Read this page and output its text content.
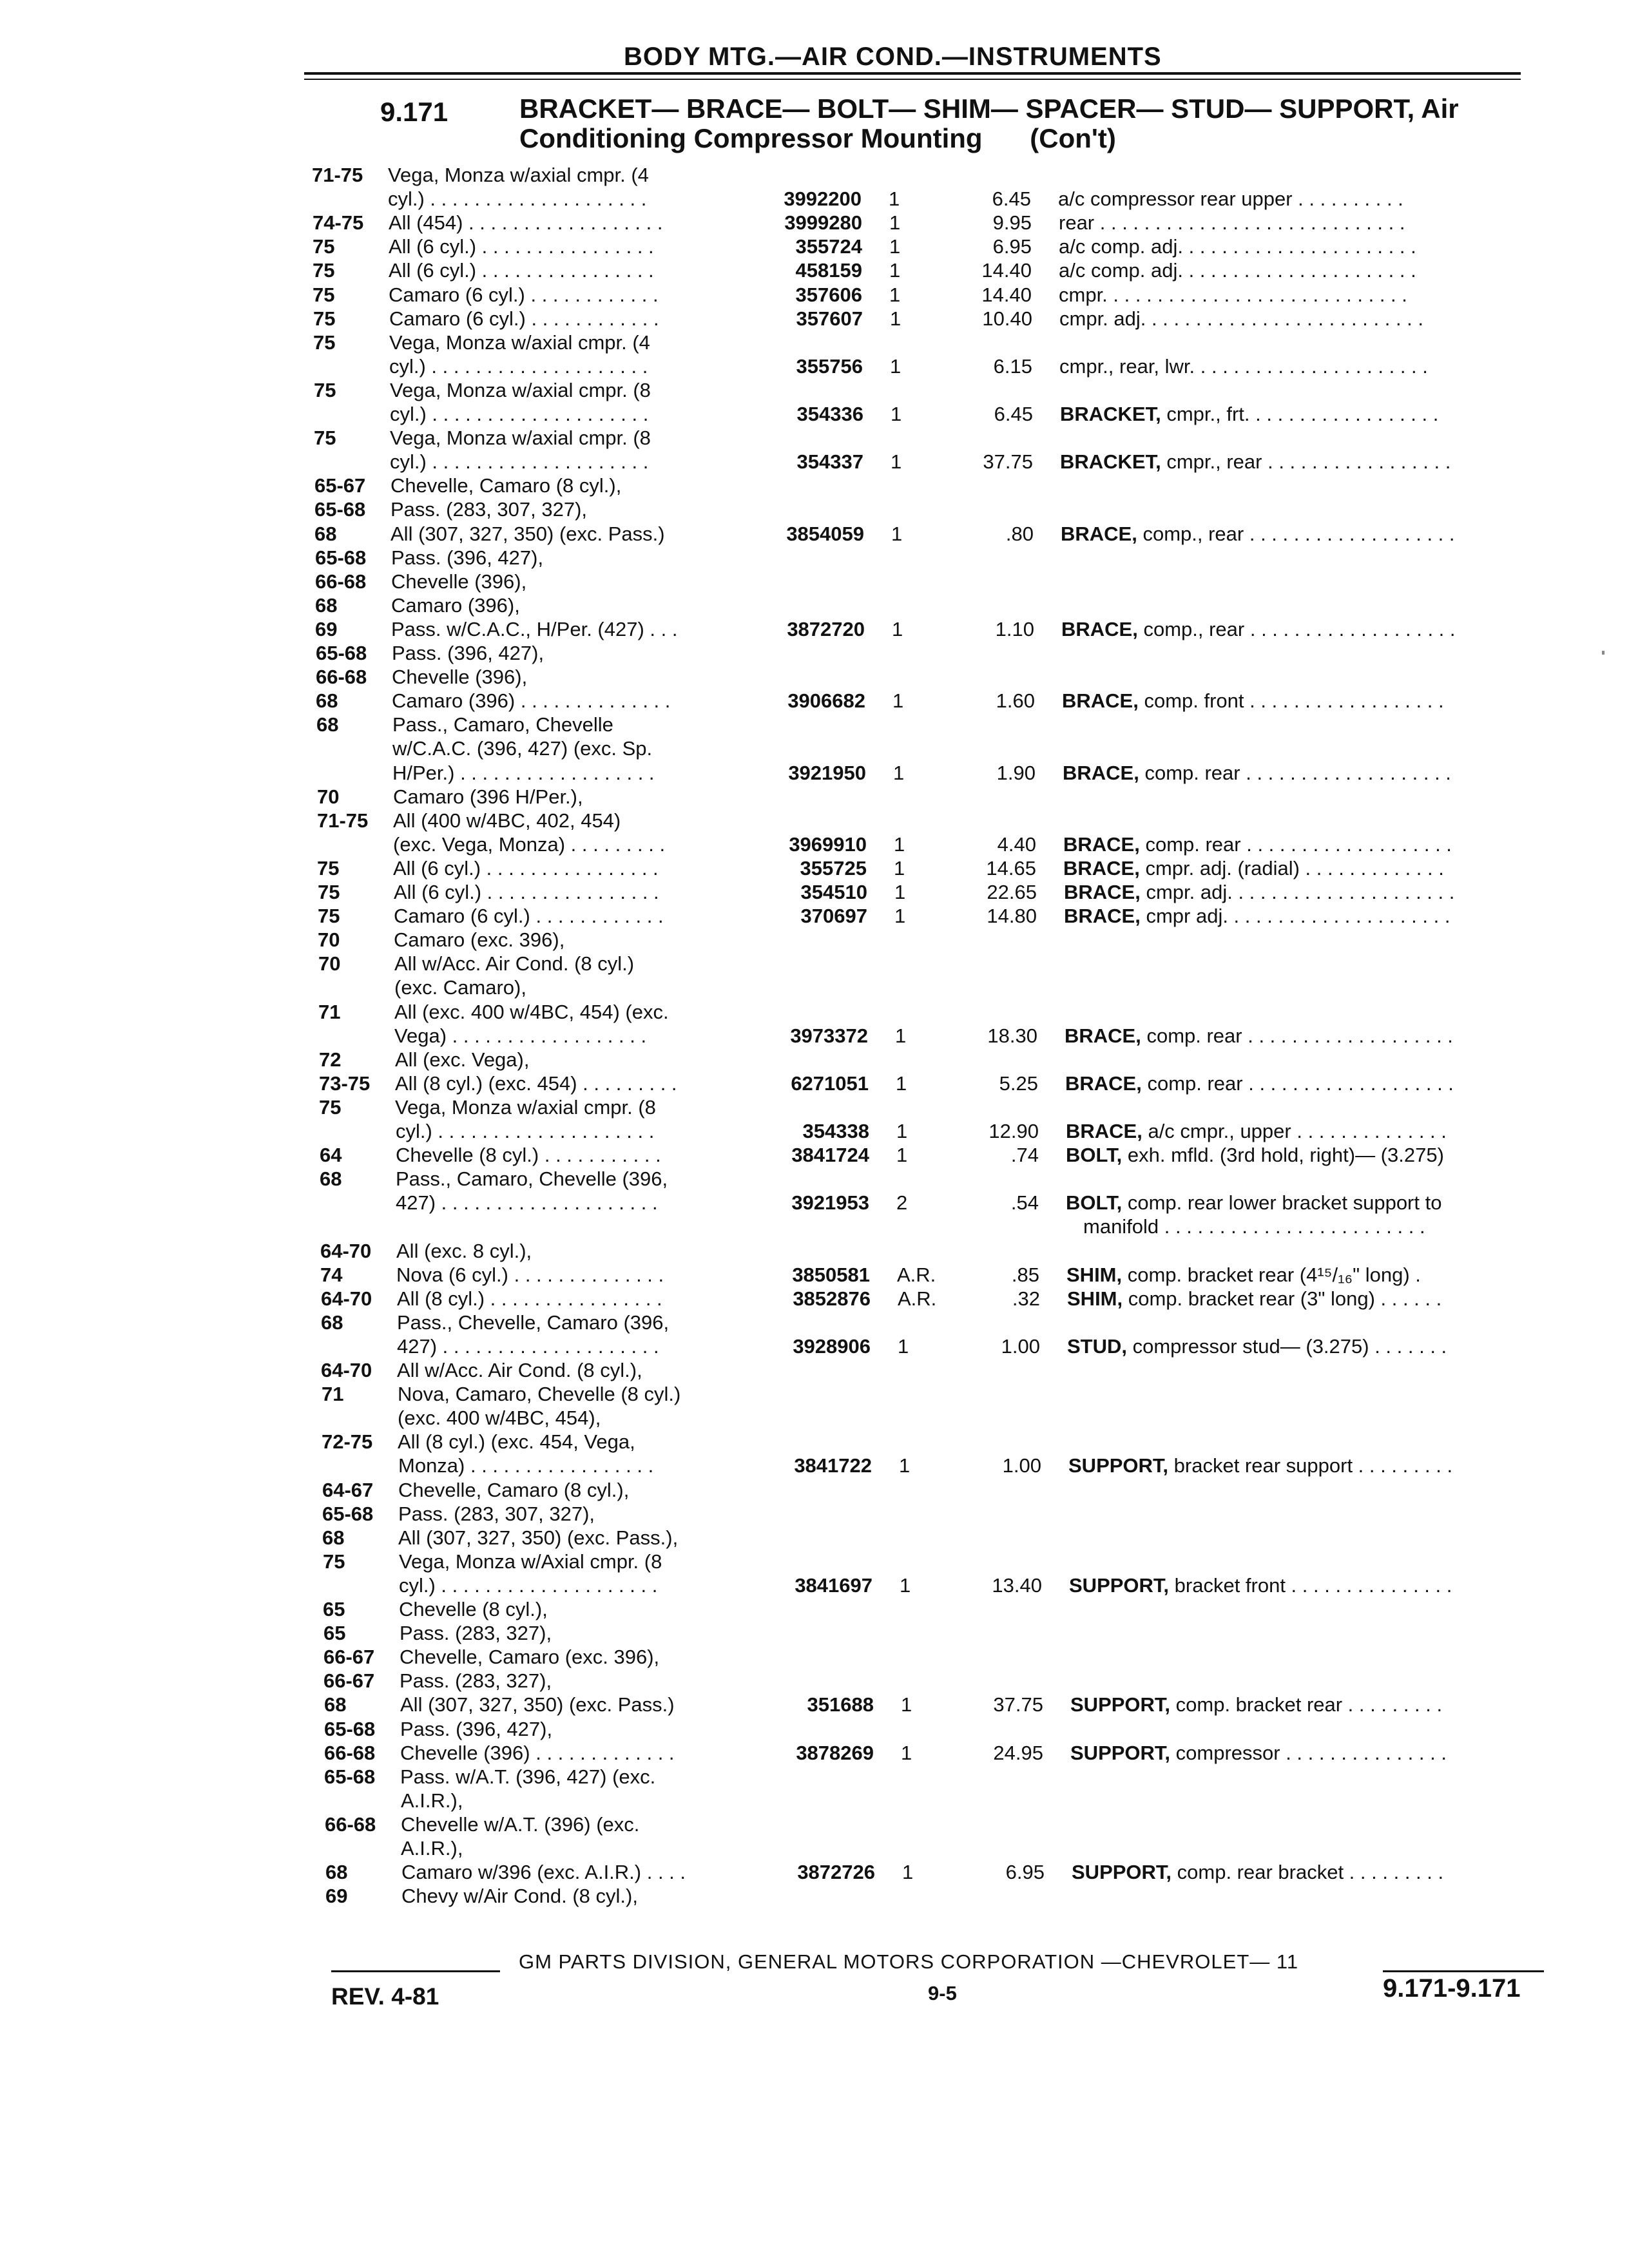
BODY MTG.—AIR COND.—INSTRUMENTS
9.171	BRACKET— BRACE— BOLT— SHIM— SPACER— STUD— SUPPORT, Air
Conditioning Compressor Mounting (Con't)
71-75 Vega, Monza w/axial cmpr. (4
cyl.) . . . . . . . . . . . . . . . . . . . .	3992200 1	6.45 a/c compressor rear upper . . . . . . . . . .
74-75 All (454) . . . . . . . . . . . . . . . . . .	3999280 1	9.95 rear . . . . . . . . . . . . . . . . . . . . . . . . . . . .
75	All (6 cyl.) . . . . . . . . . . . . . . . .	355724 1	6.95 a/c comp. adj. . . . . . . . . . . . . . . . . . . . . .
75	All (6 cyl.) . . . . . . . . . . . . . . . .	458159 1	14.40 a/c comp. adj. . . . . . . . . . . . . . . . . . . . . .
75	Camaro (6 cyl.) . . . . . . . . . . . .	357606 1	14.40 cmpr. . . . . . . . . . . . . . . . . . . . . . . . . . . .
75	Camaro (6 cyl.) . . . . . . . . . . . .	357607 1	10.40 cmpr. adj. . . . . . . . . . . . . . . . . . . . . . . . . .
75	Vega, Monza w/axial cmpr. (4
cyl.) . . . . . . . . . . . . . . . . . . . .	355756 1	6.15 cmpr., rear, lwr. . . . . . . . . . . . . . . . . . . . . .
75	Vega, Monza w/axial cmpr. (8
cyl.) . . . . . . . . . . . . . . . . . . . .	354336 1	6.45 BRACKET, cmpr., frt. . . . . . . . . . . . . . . . . .
75	Vega, Monza w/axial cmpr. (8
cyl.) . . . . . . . . . . . . . . . . . . . .	354337 1	37.75 BRACKET, cmpr., rear . . . . . . . . . . . . . . . . .
65-67 Chevelle, Camaro (8 cyl.),
65-68 Pass. (283, 307, 327),
68	All (307, 327, 350) (exc. Pass.)	3854059 1	.80 BRACE, comp., rear . . . . . . . . . . . . . . . . . . .
65-68 Pass. (396, 427),
66-68 Chevelle (396),
68	Camaro (396),
69	Pass. w/C.A.C., H/Per. (427) . . .	3872720 1	1.10 BRACE, comp., rear . . . . . . . . . . . . . . . . . . .
65-68 Pass. (396, 427),
66-68 Chevelle (396),
68	Camaro (396) . . . . . . . . . . . . . .	3906682 1	1.60 BRACE, comp. front . . . . . . . . . . . . . . . . . .
68	Pass., Camaro, Chevelle
w/C.A.C. (396, 427) (exc. Sp.
H/Per.) . . . . . . . . . . . . . . . . . .	3921950 1	1.90 BRACE, comp. rear . . . . . . . . . . . . . . . . . . .
70	Camaro (396 H/Per.),
71-75 All (400 w/4BC, 402, 454)
(exc. Vega, Monza) . . . . . . . . .	3969910 1	4.40 BRACE, comp. rear . . . . . . . . . . . . . . . . . . .
75	All (6 cyl.) . . . . . . . . . . . . . . . .	355725 1	14.65 BRACE, cmpr. adj. (radial) . . . . . . . . . . . . .
75	All (6 cyl.) . . . . . . . . . . . . . . . .	354510 1	22.65 BRACE, cmpr. adj. . . . . . . . . . . . . . . . . . . . .
75	Camaro (6 cyl.) . . . . . . . . . . . .	370697 1	14.80 BRACE, cmpr adj. . . . . . . . . . . . . . . . . . . . .
70	Camaro (exc. 396),
70	All w/Acc. Air Cond. (8 cyl.)
(exc. Camaro),
71	All (exc. 400 w/4BC, 454) (exc.
Vega) . . . . . . . . . . . . . . . . . .	3973372 1	18.30 BRACE, comp. rear . . . . . . . . . . . . . . . . . . .
72	All (exc. Vega),
73-75 All (8 cyl.) (exc. 454) . . . . . . . . .	6271051 1	5.25 BRACE, comp. rear . . . . . . . . . . . . . . . . . . .
75	Vega, Monza w/axial cmpr. (8
cyl.) . . . . . . . . . . . . . . . . . . . .	354338 1	12.90 BRACE, a/c cmpr., upper . . . . . . . . . . . . . .
64	Chevelle (8 cyl.) . . . . . . . . . . .	3841724 1	.74 BOLT, exh. mfld. (3rd hold, right)— (3.275)
68	Pass., Camaro, Chevelle (396,
427) . . . . . . . . . . . . . . . . . . . .	3921953 2	.54 BOLT, comp. rear lower bracket support to
manifold . . . . . . . . . . . . . . . . . . . . . . . .
64-70 All (exc. 8 cyl.),
74	Nova (6 cyl.) . . . . . . . . . . . . . .	3850581 A.R.	.85 SHIM, comp. bracket rear (4¹⁵/₁₆" long) .
64-70 All (8 cyl.) . . . . . . . . . . . . . . . .	3852876 A.R.	.32 SHIM, comp. bracket rear (3" long) . . . . . .
68	Pass., Chevelle, Camaro (396,
427) . . . . . . . . . . . . . . . . . . . .	3928906 1	1.00 STUD, compressor stud— (3.275) . . . . . . .
64-70 All w/Acc. Air Cond. (8 cyl.),
71	Nova, Camaro, Chevelle (8 cyl.)
(exc. 400 w/4BC, 454),
72-75 All (8 cyl.) (exc. 454, Vega,
Monza) . . . . . . . . . . . . . . . . .	3841722 1	1.00 SUPPORT, bracket rear support . . . . . . . . .
64-67 Chevelle, Camaro (8 cyl.),
65-68 Pass. (283, 307, 327),
68	All (307, 327, 350) (exc. Pass.),
75	Vega, Monza w/Axial cmpr. (8
cyl.) . . . . . . . . . . . . . . . . . . . .	3841697 1	13.40 SUPPORT, bracket front . . . . . . . . . . . . . . .
65	Chevelle (8 cyl.),
65	Pass. (283, 327),
66-67 Chevelle, Camaro (exc. 396),
66-67 Pass. (283, 327),
68	All (307, 327, 350) (exc. Pass.)	351688 1	37.75 SUPPORT, comp. bracket rear . . . . . . . . .
65-68 Pass. (396, 427),
66-68 Chevelle (396) . . . . . . . . . . . . .	3878269 1	24.95 SUPPORT, compressor . . . . . . . . . . . . . . .
65-68 Pass. w/A.T. (396, 427) (exc.
A.I.R.),
66-68 Chevelle w/A.T. (396) (exc.
A.I.R.),
68	Camaro w/396 (exc. A.I.R.) . . . .	3872726 1	6.95 SUPPORT, comp. rear bracket . . . . . . . . .
69	Chevy w/Air Cond. (8 cyl.),
GM PARTS DIVISION, GENERAL MOTORS CORPORATION —CHEVROLET— 11
REV. 4-81	9-5	9.171-9.171
